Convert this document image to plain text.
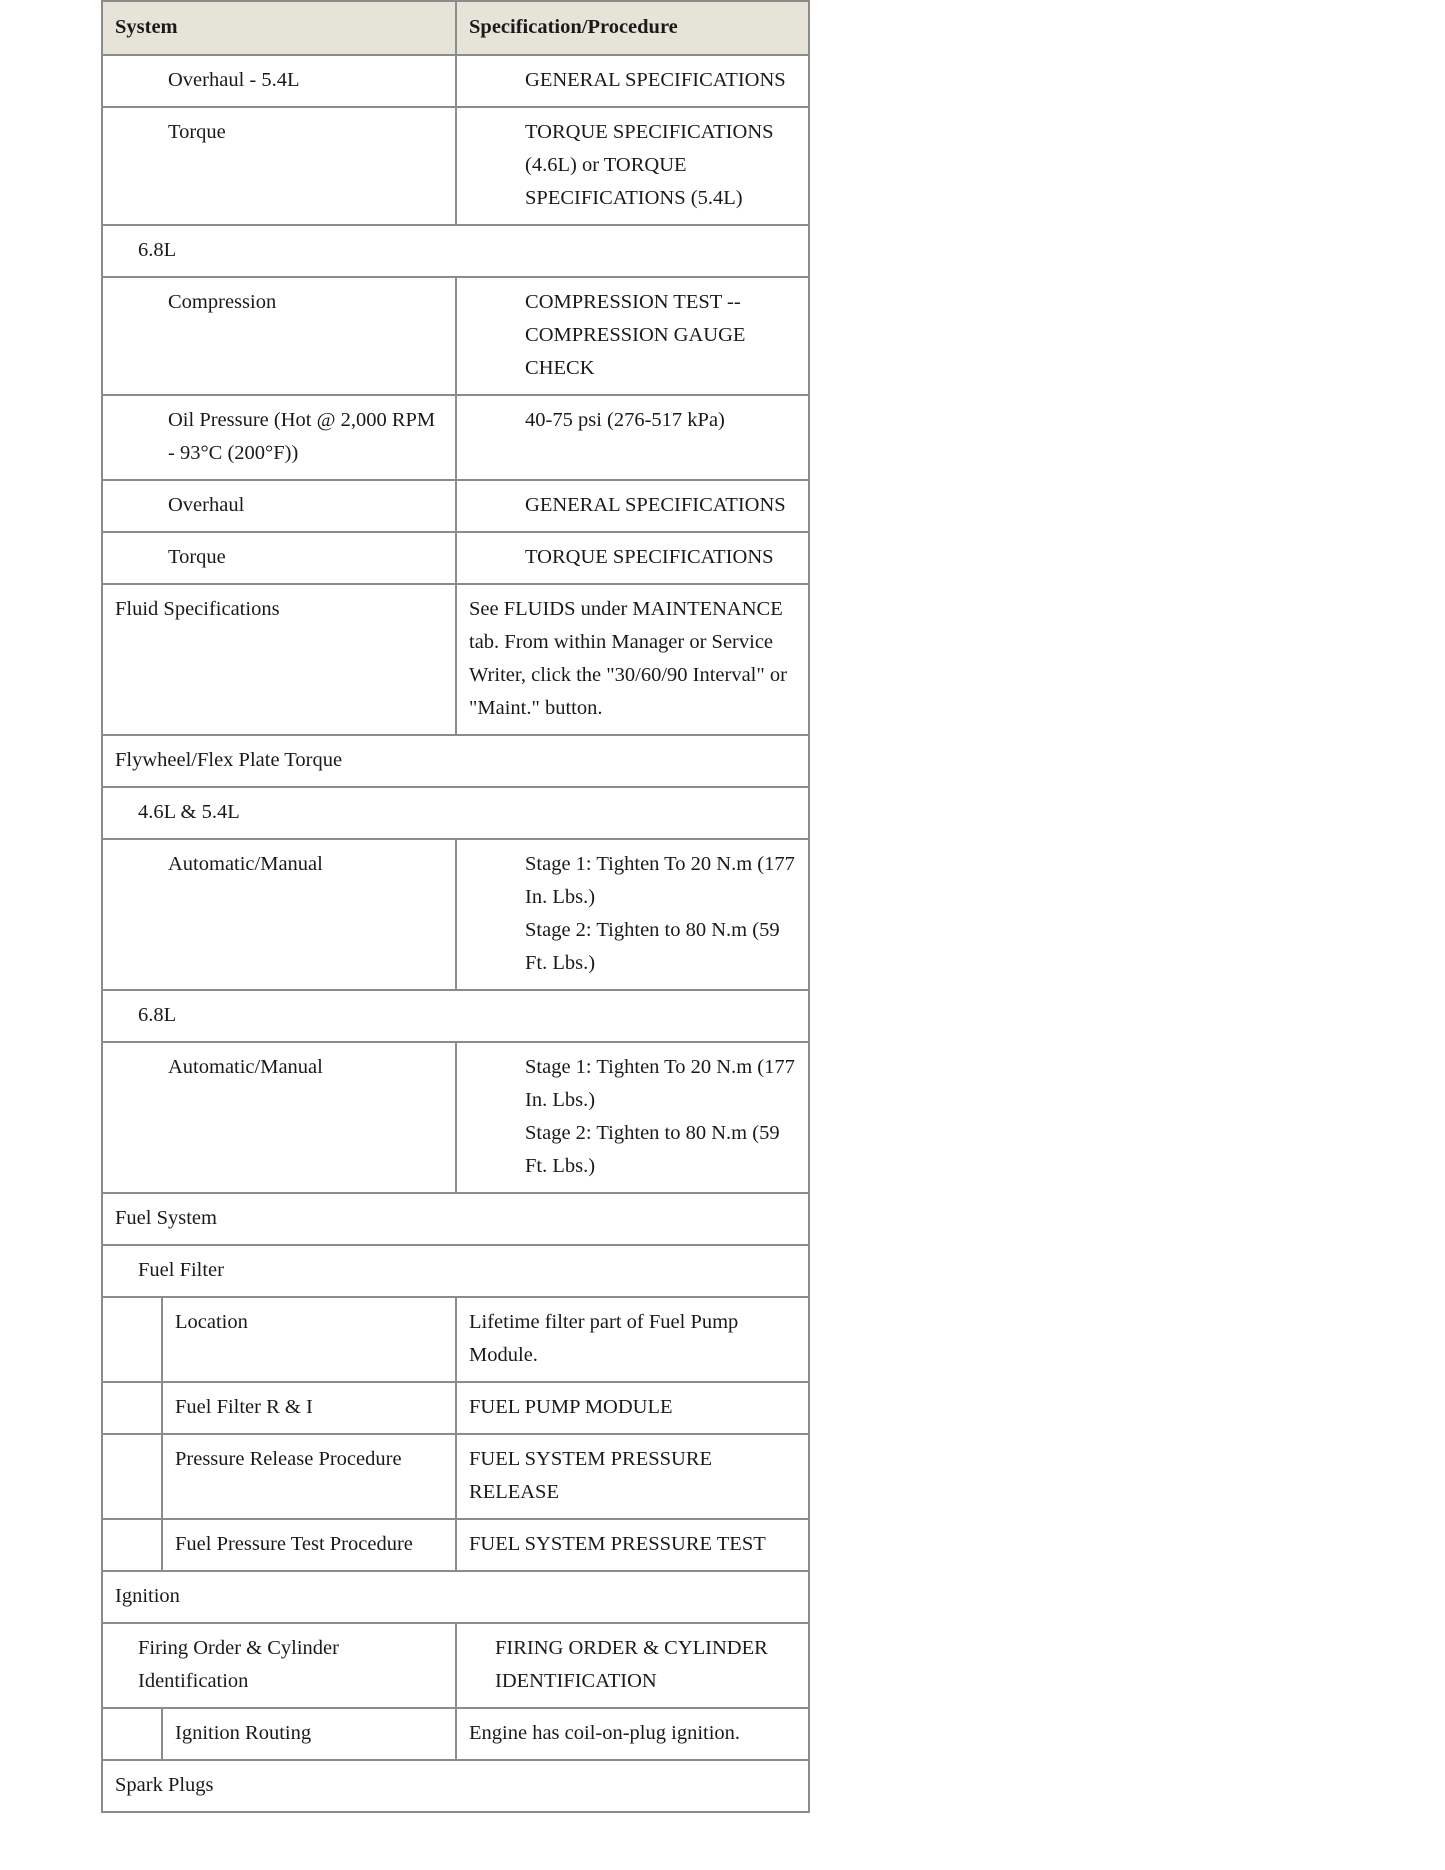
System		Specification/Procedure
Overhaul - 5.4L		GENERAL SPECIFICATIONS
Torque		TORQUE SPECIFICATIONS (4.6L) or TORQUE SPECIFICATIONS (5.4L)
6.8L		
Compression		COMPRESSION TEST -- COMPRESSION GAUGE CHECK
Oil Pressure (Hot @ 2,000 RPM - 93°C (200°F))		40-75 psi (276-517 kPa)
Overhaul		GENERAL SPECIFICATIONS
Torque		TORQUE SPECIFICATIONS
Fluid Specifications		See FLUIDS under MAINTENANCE tab. From within Manager or Service Writer, click the "30/60/90 Interval" or "Maint." button.
Flywheel/Flex Plate Torque		
4.6L & 5.4L		
Automatic/Manual		Stage 1: Tighten To 20 N.m (177 In. Lbs.)
Stage 2: Tighten to 80 N.m (59 Ft. Lbs.)

6.8L		
Automatic/Manual		Stage 1: Tighten To 20 N.m (177 In. Lbs.)
Stage 2: Tighten to 80 N.m (59 Ft. Lbs.)

Fuel System		
Fuel Filter		
	Location	Lifetime filter part of Fuel Pump Module.
	Fuel Filter R & I	FUEL PUMP MODULE
	Pressure Release Procedure	FUEL SYSTEM PRESSURE RELEASE
	Fuel Pressure Test Procedure	FUEL SYSTEM PRESSURE TEST
Ignition		
Firing Order & Cylinder Identification		FIRING ORDER & CYLINDER IDENTIFICATION
	Ignition Routing	Engine has coil-on-plug ignition.
Spark Plugs		
